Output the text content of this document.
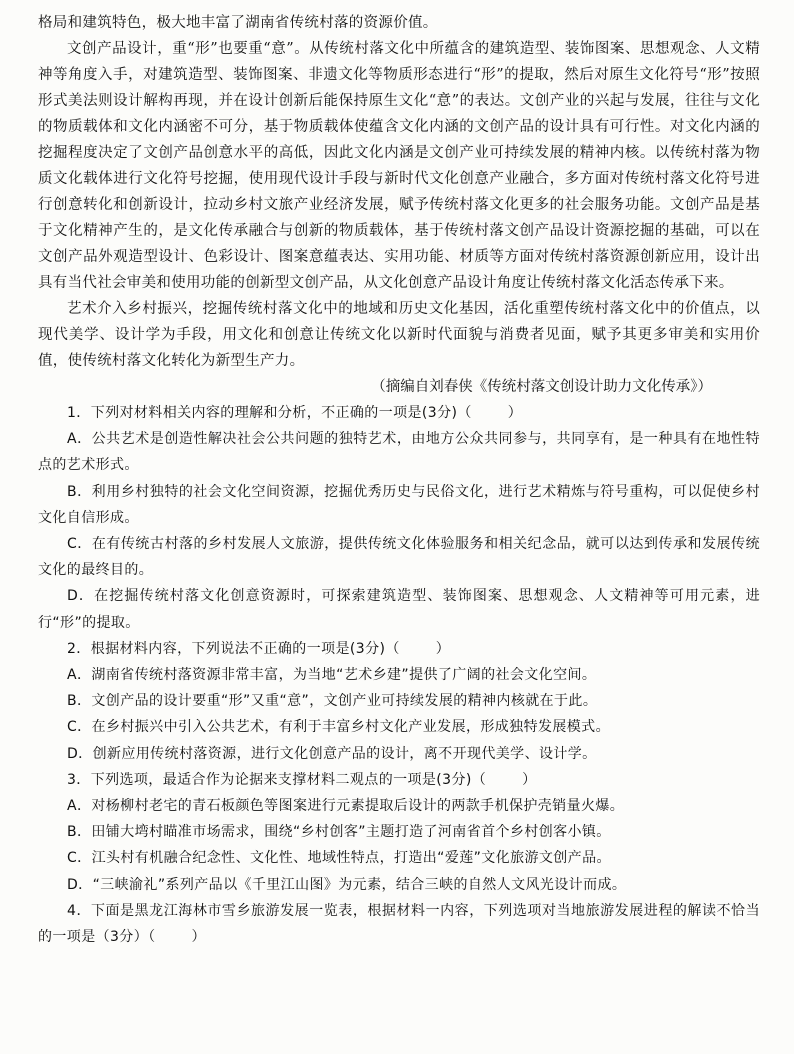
格局和建筑特色，极大地丰富了湖南省传统村落的资源价值。

文创产品设计，重“形”也要重“意”。从传统村落文化中所蕴含的建筑造型、装饰图案、思想观念、人文精神等角度入手，对建筑造型、装饰图案、非遗文化等物质形态进行“形”的提取，然后对原生文化符号“形”按照形式美法则设计解构再现，并在设计创新后能保持原生文化“意”的表达。文创产业的兴起与发展，往往与文化的物质载体和文化内涵密不可分，基于物质载体使蕴含文化内涵的文创产品的设计具有可行性。对文化内涵的挖掘程度决定了文创产品创意水平的高低，因此文化内涵是文创产业可持续发展的精神内核。以传统村落为物质文化载体进行文化符号挖掘，使用现代设计手段与新时代文化创意产业融合，多方面对传统村落文化符号进行创意转化和创新设计，拉动乡村文旅产业经济发展，赋予传统村落文化更多的社会服务功能。文创产品是基于文化精神产生的，是文化传承融合与创新的物质载体，基于传统村落文创产品设计资源挖掘的基础，可以在文创产品外观造型设计、色彩设计、图案意蕴表达、实用功能、材质等方面对传统村落资源创新应用，设计出具有当代社会审美和使用功能的创新型文创产品，从文化创意产品设计角度让传统村落文化活态传承下来。

艺术介入乡村振兴，挖掘传统村落文化中的地域和历史文化基因，活化重塑传统村落文化中的价值点，以现代美学、设计学为手段，用文化和创意让传统文化以新时代面貌与消费者见面，赋予其更多审美和实用价值，使传统村落文化转化为新型生产力。

（摘编自刘春侠《传统村落文创设计助力文化传承》）

1．下列对材料相关内容的理解和分析，不正确的一项是(3分)（	）

A．公共艺术是创造性解决社会公共问题的独特艺术，由地方公众共同参与，共同享有，是一种具有在地性特点的艺术形式。

B．利用乡村独特的社会文化空间资源，挖掘优秀历史与民俗文化，进行艺术精炼与符号重构，可以促使乡村文化自信形成。

C．在有传统古村落的乡村发展人文旅游，提供传统文化体验服务和相关纪念品，就可以达到传承和发展传统文化的最终目的。

D．在挖掘传统村落文化创意资源时，可探索建筑造型、装饰图案、思想观念、人文精神等可用元素，进行“形”的提取。

2．根据材料内容，下列说法不正确的一项是(3分)（	）

A．湖南省传统村落资源非常丰富，为当地“艺术乡建”提供了广阔的社会文化空间。

B．文创产品的设计要重“形”又重“意”，文创产业可持续发展的精神内核就在于此。

C．在乡村振兴中引入公共艺术，有利于丰富乡村文化产业发展，形成独特发展模式。

D．创新应用传统村落资源，进行文化创意产品的设计，离不开现代美学、设计学。

3．下列选项，最适合作为论据来支撑材料二观点的一项是(3分)（	）

A．对杨柳村老宅的青石板颜色等图案进行元素提取后设计的两款手机保护壳销量火爆。

B．田铺大塆村瞄准市场需求，围绕“乡村创客”主题打造了河南省首个乡村创客小镇。

C．江头村有机融合纪念性、文化性、地域性特点，打造出“爱莲”文化旅游文创产品。

D．“三峡渝礼”系列产品以《千里江山图》为元素，结合三峡的自然人文风光设计而成。

4．下面是黑龙江海林市雪乡旅游发展一览表，根据材料一内容，下列选项对当地旅游发展进程的解读不恰当的一项是（3分）（	）
